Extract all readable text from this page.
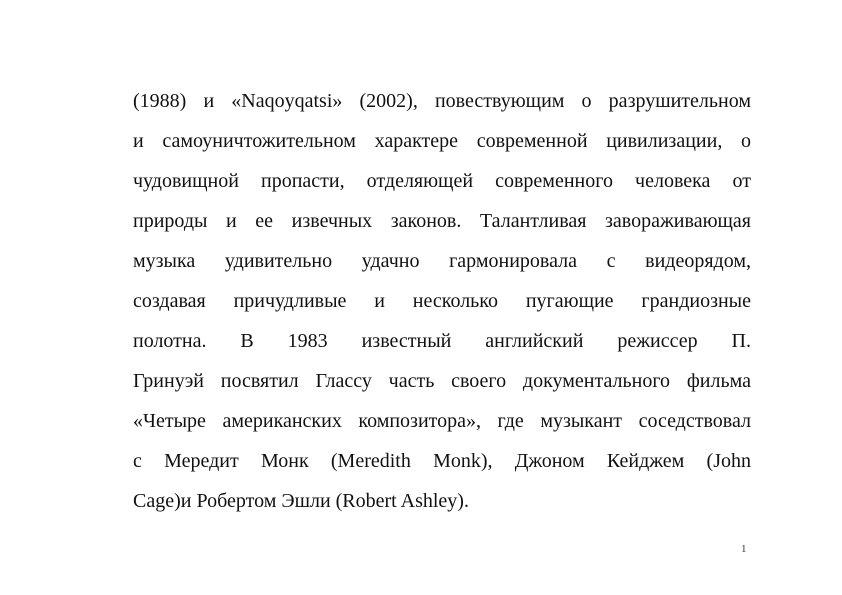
(1988) и «Naqoyqatsi» (2002), повествующим о разрушительном
и самоуничтожительном характере современной цивилизации, о
чудовищной пропасти, отделяющей современного человека от
природы и ее извечных законов. Талантливая завораживающая
музыка удивительно удачно гармонировала с видеорядом,
создавая причудливые и несколько пугающие грандиозные
полотна. В 1983 известный английский режиссер П.
Гринуэй посвятил Глассу часть своего документального фильма
«Четыре американских композитора», где музыкант соседствовал
с Мередит Монк (Meredith Monk), Джоном Кейджем (John
Cage)и Робертом Эшли (Robert Ashley).
1
